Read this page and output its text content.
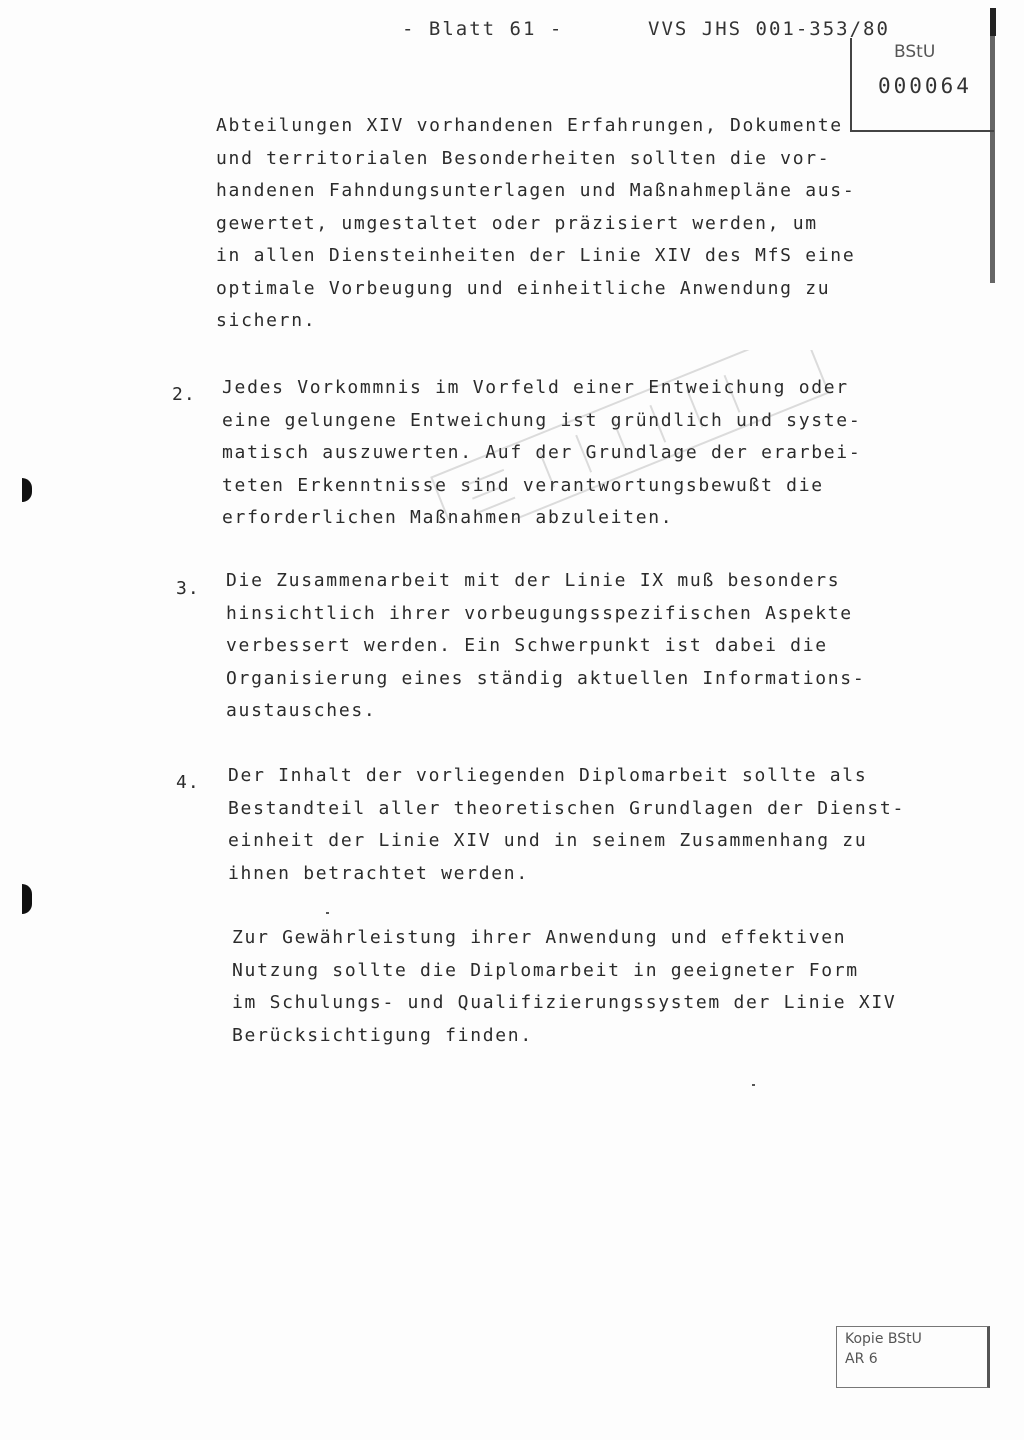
- Blatt 61 -	VVS JHS 001-353/80
BStU
000064

Abteilungen XIV vorhandenen Erfahrungen, Dokumente
und territorialen Besonderheiten sollten die vor-
handenen Fahndungsunterlagen und Maßnahmepläne aus-
gewertet, umgestaltet oder präzisiert werden, um
in allen Diensteinheiten der Linie XIV des MfS eine
optimale Vorbeugung und einheitliche Anwendung zu
sichern.

2. Jedes Vorkommnis im Vorfeld einer Entweichung oder
eine gelungene Entweichung ist gründlich und syste-
matisch auszuwerten. Auf der Grundlage der erarbei-
teten Erkenntnisse sind verantwortungsbewußt die
erforderlichen Maßnahmen abzuleiten.

3. Die Zusammenarbeit mit der Linie IX muß besonders
hinsichtlich ihrer vorbeugungsspezifischen Aspekte
verbessert werden. Ein Schwerpunkt ist dabei die
Organisierung eines ständig aktuellen Informations-
austausches.

4. Der Inhalt der vorliegenden Diplomarbeit sollte als
Bestandteil aller theoretischen Grundlagen der Dienst-
einheit der Linie XIV und in seinem Zusammenhang zu
ihnen betrachtet werden.

Zur Gewährleistung ihrer Anwendung und effektiven
Nutzung sollte die Diplomarbeit in geeigneter Form
im Schulungs- und Qualifizierungssystem der Linie XIV
Berücksichtigung finden.

Kopie BStU
AR 6
